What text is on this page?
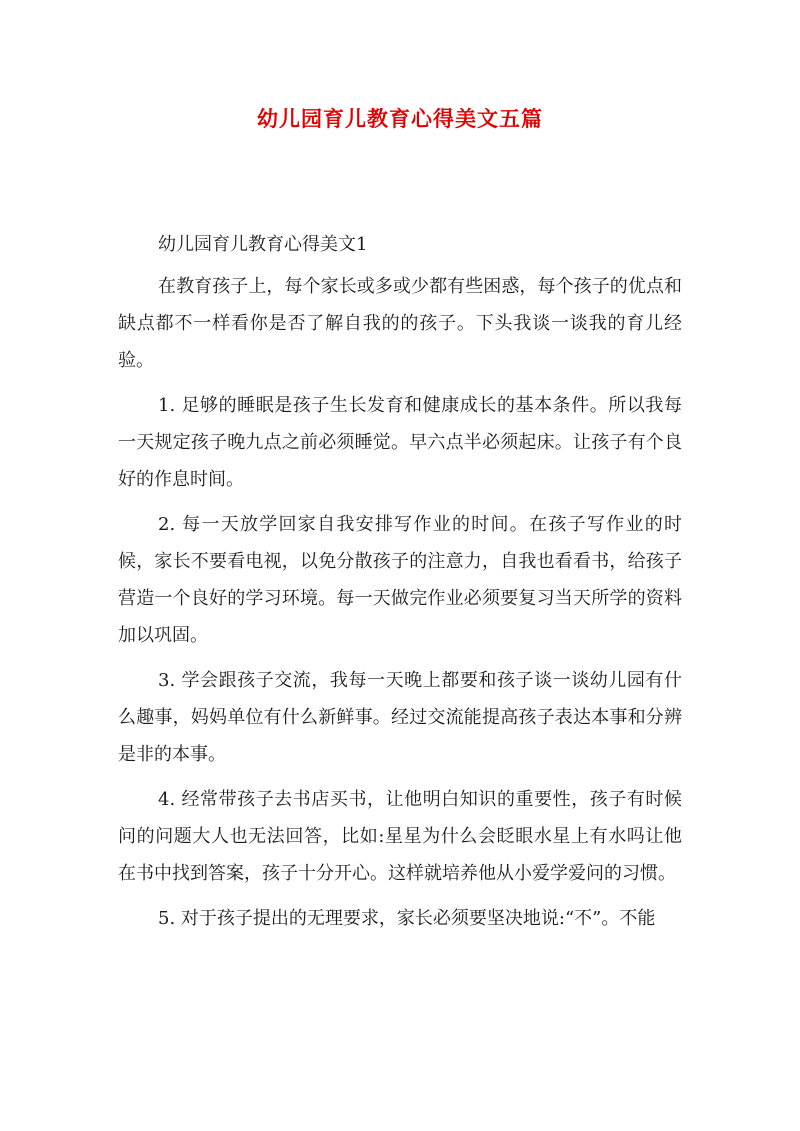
幼儿园育儿教育心得美文五篇

幼儿园育儿教育心得美文1

在教育孩子上，每个家长或多或少都有些困惑，每个孩子的优点和缺点都不一样看你是否了解自我的的孩子。下头我谈一谈我的育儿经验。

1. 足够的睡眠是孩子生长发育和健康成长的基本条件。所以我每一天规定孩子晚九点之前必须睡觉。早六点半必须起床。让孩子有个良好的作息时间。

2. 每一天放学回家自我安排写作业的时间。在孩子写作业的时候，家长不要看电视，以免分散孩子的注意力，自我也看看书，给孩子营造一个良好的学习环境。每一天做完作业必须要复习当天所学的资料加以巩固。

3. 学会跟孩子交流，我每一天晚上都要和孩子谈一谈幼儿园有什么趣事，妈妈单位有什么新鲜事。经过交流能提高孩子表达本事和分辨是非的本事。

4. 经常带孩子去书店买书，让他明白知识的重要性，孩子有时候问的问题大人也无法回答，比如:星星为什么会眨眼水星上有水吗让他在书中找到答案，孩子十分开心。这样就培养他从小爱学爱问的习惯。

5. 对于孩子提出的无理要求，家长必须要坚决地说:“不”。不能
